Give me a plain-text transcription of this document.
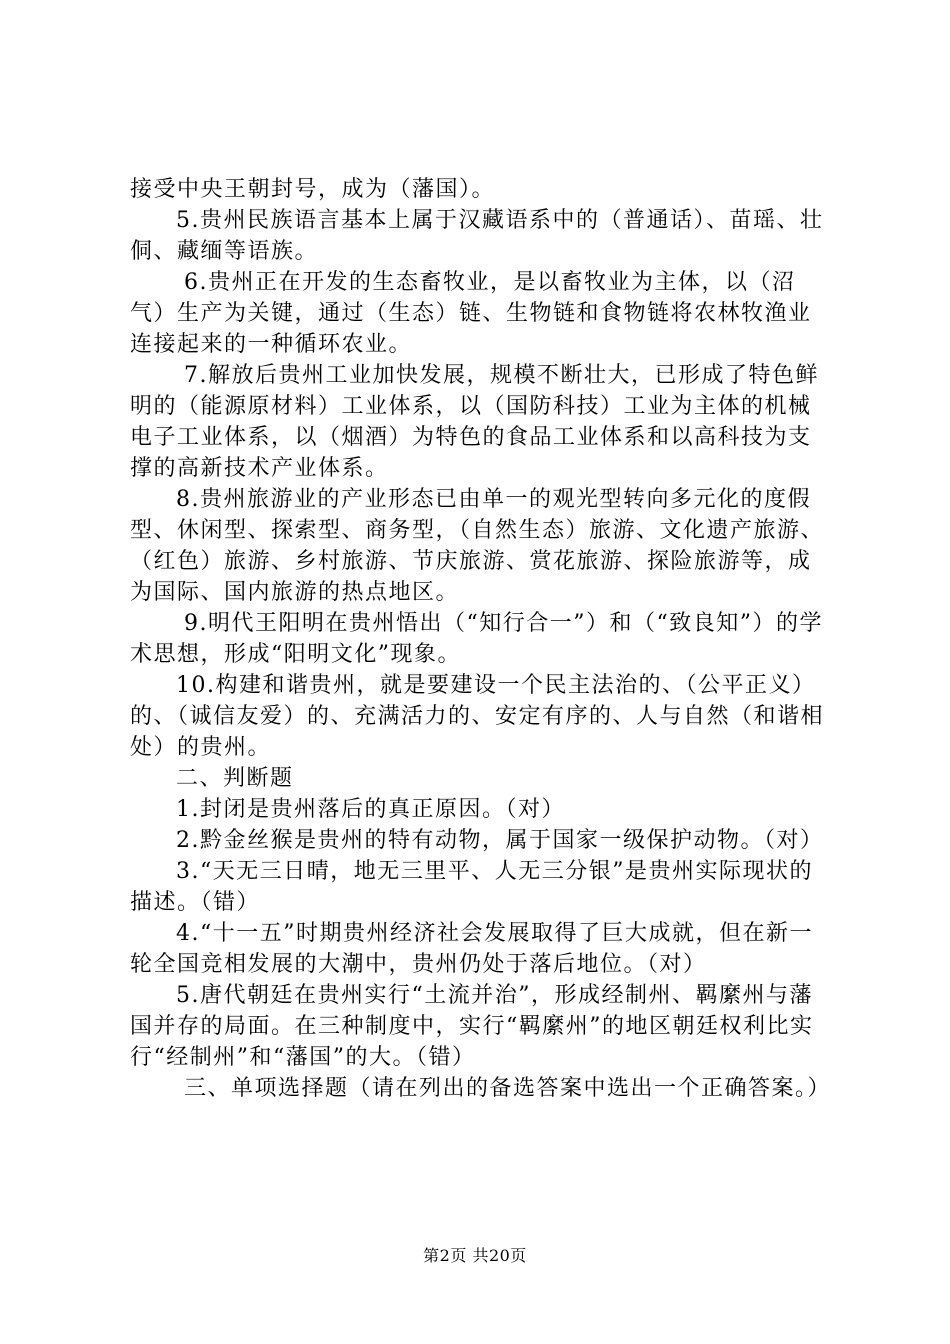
接受中央王朝封号，成为（藩国）。

5.贵州民族语言基本上属于汉藏语系中的（普通话）、苗瑶、壮侗、藏缅等语族。

6.贵州正在开发的生态畜牧业，是以畜牧业为主体，以（沼气）生产为关键，通过（生态）链、生物链和食物链将农林牧渔业连接起来的一种循环农业。

7.解放后贵州工业加快发展，规模不断壮大，已形成了特色鲜明的（能源原材料）工业体系，以（国防科技）工业为主体的机械电子工业体系，以（烟酒）为特色的食品工业体系和以高科技为支撑的高新技术产业体系。

8.贵州旅游业的产业形态已由单一的观光型转向多元化的度假型、休闲型、探索型、商务型，（自然生态）旅游、文化遗产旅游、（红色）旅游、乡村旅游、节庆旅游、赏花旅游、探险旅游等，成为国际、国内旅游的热点地区。

9.明代王阳明在贵州悟出（“知行合一”）和（“致良知”）的学术思想，形成“阳明文化”现象。

10.构建和谐贵州，就是要建设一个民主法治的、（公平正义）的、（诚信友爱）的、充满活力的、安定有序的、人与自然（和谐相处）的贵州。

二、判断题

1.封闭是贵州落后的真正原因。（对）

2.黔金丝猴是贵州的特有动物，属于国家一级保护动物。（对）

3.“天无三日晴，地无三里平、人无三分银”是贵州实际现状的描述。（错）

4.“十一五”时期贵州经济社会发展取得了巨大成就，但在新一轮全国竞相发展的大潮中，贵州仍处于落后地位。（对）

5.唐代朝廷在贵州实行“土流并治”，形成经制州、羁縻州与藩国并存的局面。在三种制度中，实行“羁縻州”的地区朝廷权利比实行“经制州”和“藩国”的大。（错）

三、单项选择题（请在列出的备选答案中选出一个正确答案。）

第2页 共20页
